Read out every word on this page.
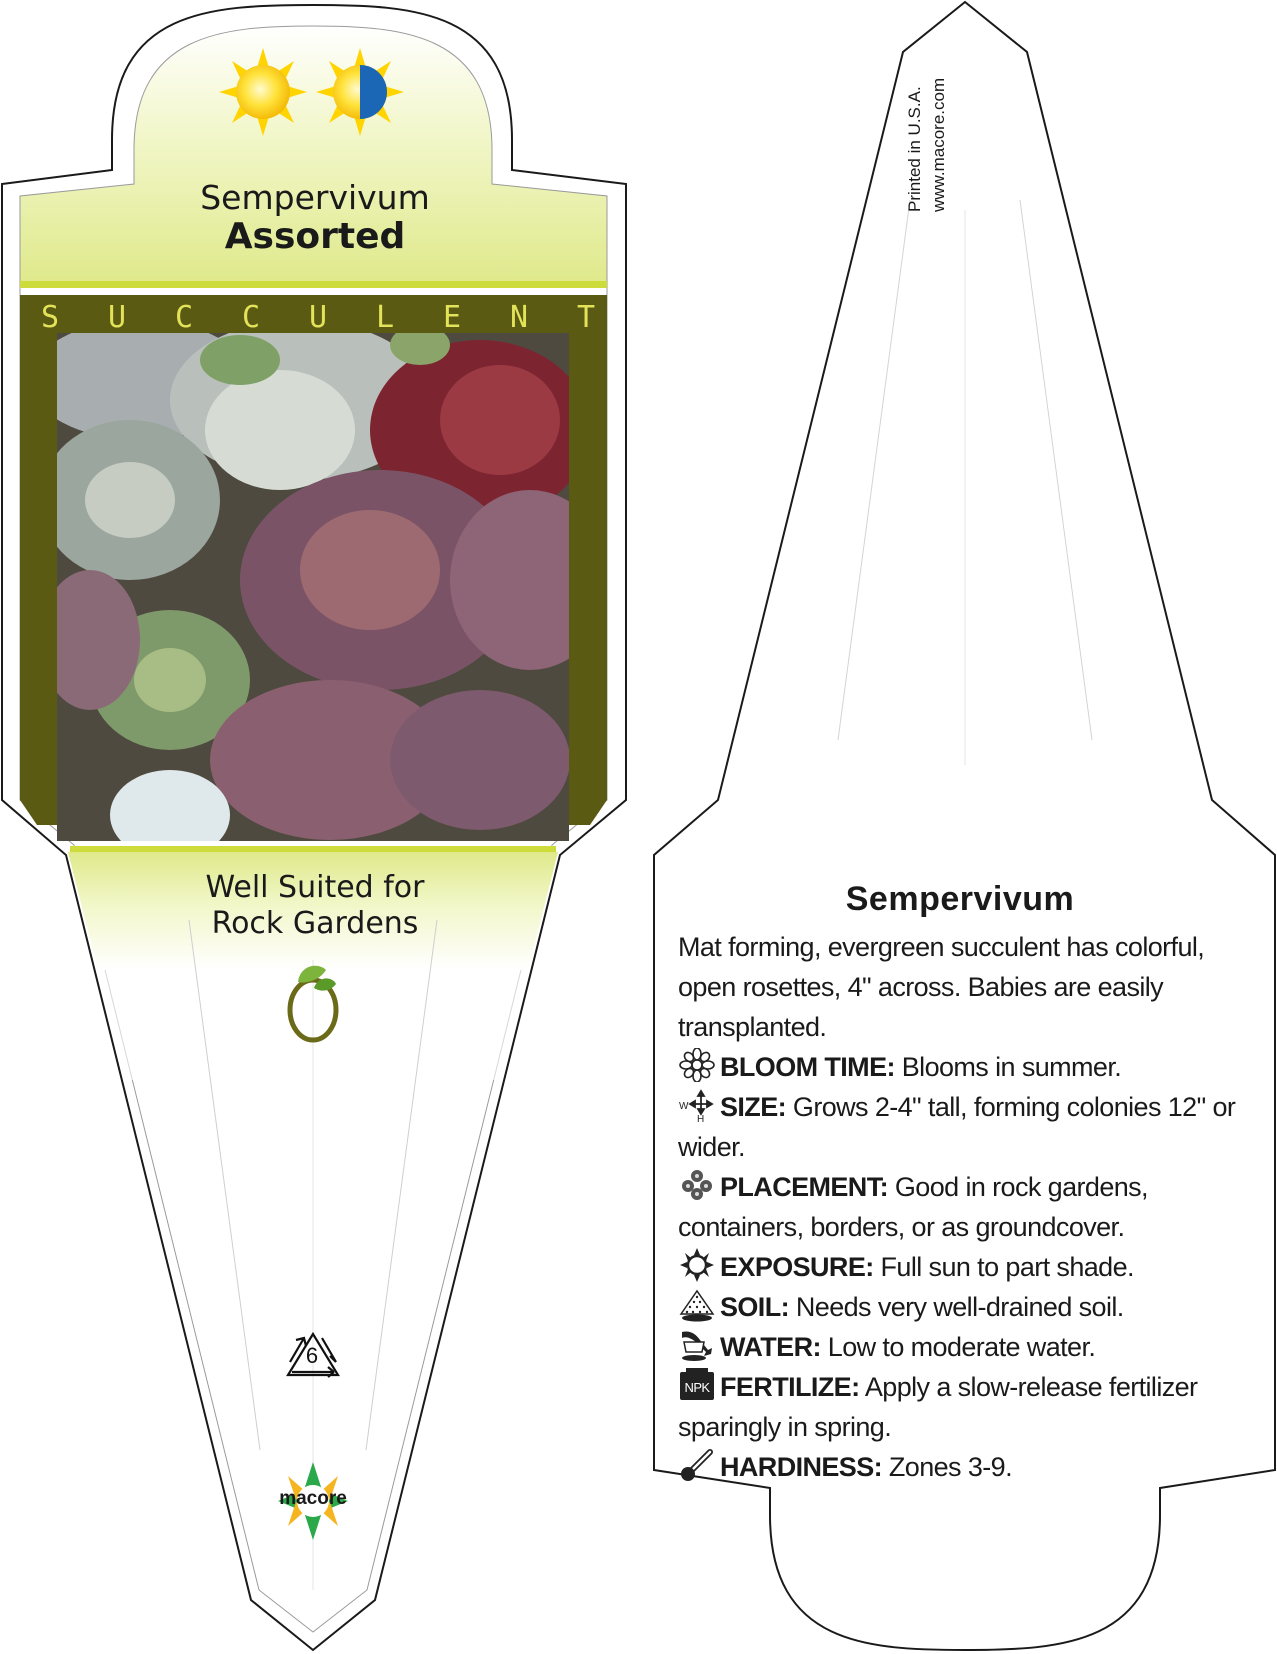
Sempervivum
Assorted
S U C C U L E N T
Well Suited for
Rock Gardens
6
macore
Printed in U.S.A. www.macore.com
Sempervivum

Mat forming, evergreen succulent has colorful, open rosettes, 4" across. Babies are easily transplanted.

BLOOM TIME: Blooms in summer.

W
H SIZE: Grows 2-4" tall, forming colonies 12" or wider.

PLACEMENT: Good in rock gardens, containers, borders, or as groundcover.

EXPOSURE: Full sun to part shade.

SOIL: Needs very well-drained soil.

WATER: Low to moderate water.

NPK FERTILIZE: Apply a slow-release fertilizer sparingly in spring.

HARDINESS: Zones 3-9.
